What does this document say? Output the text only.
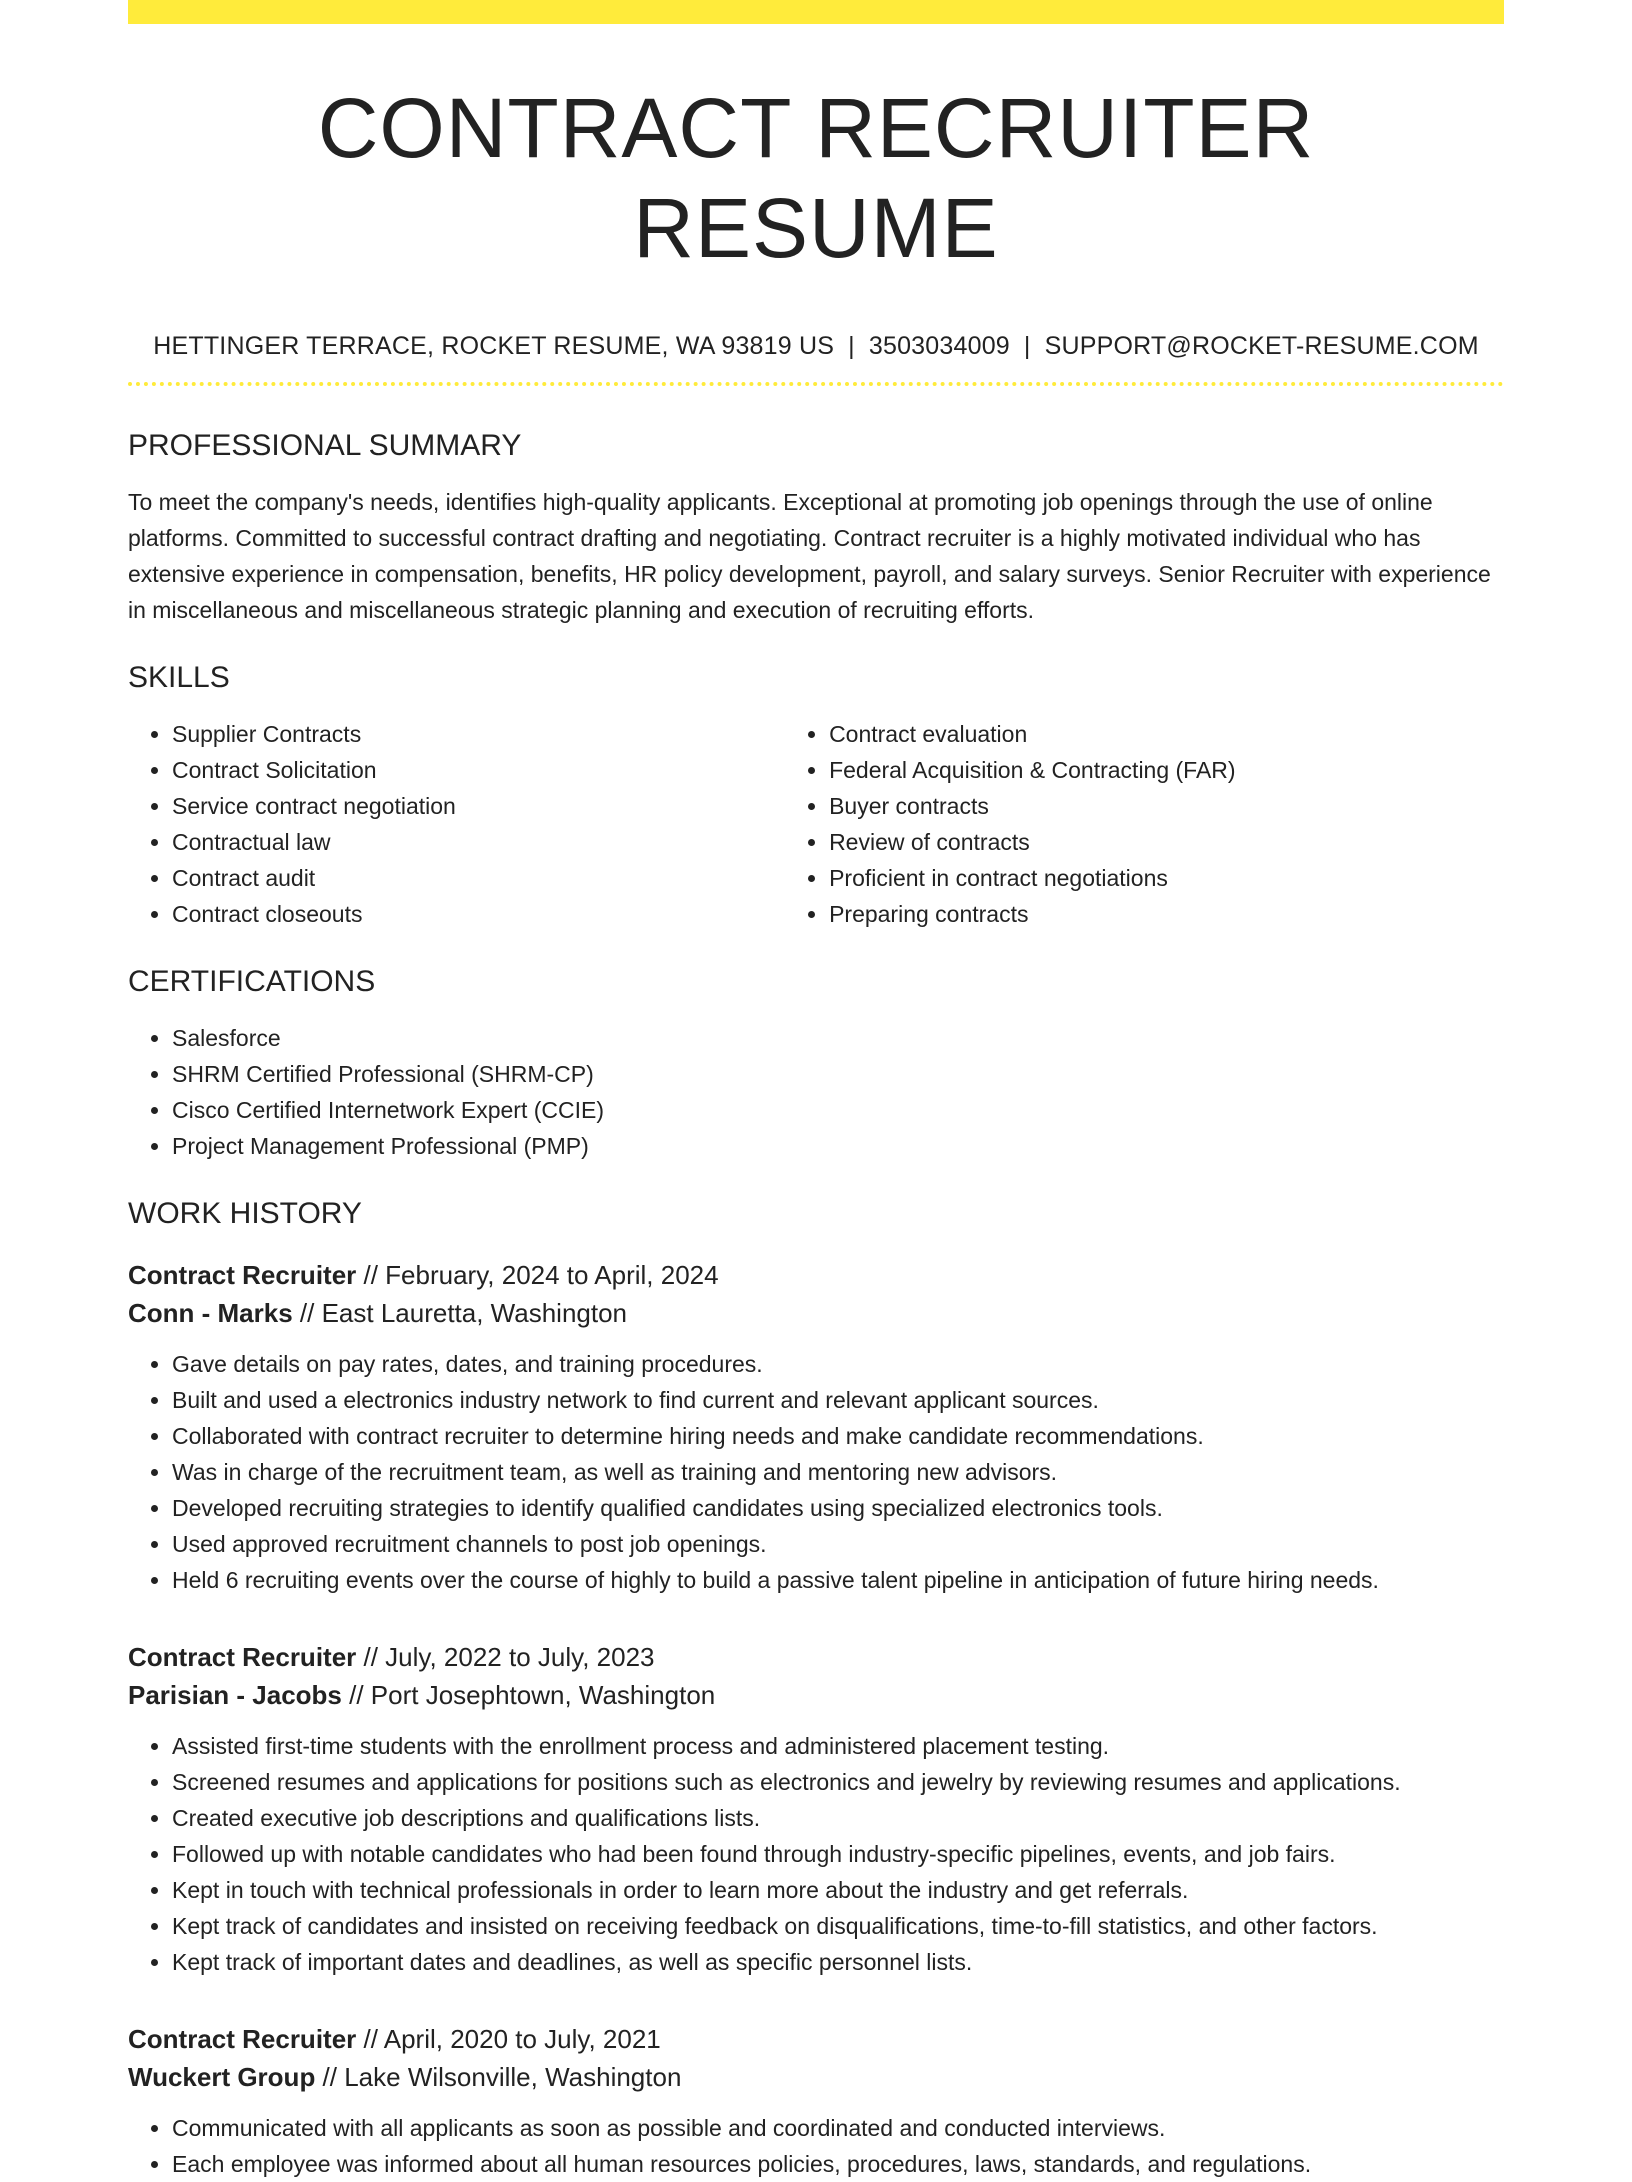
CONTRACT RECRUITER RESUME
HETTINGER TERRACE, ROCKET RESUME, WA 93819 US | 3503034009 | SUPPORT@ROCKET-RESUME.COM
PROFESSIONAL SUMMARY

To meet the company's needs, identifies high-quality applicants. Exceptional at promoting job openings through the use of online platforms. Committed to successful contract drafting and negotiating. Contract recruiter is a highly motivated individual who has extensive experience in compensation, benefits, HR policy development, payroll, and salary surveys. Senior Recruiter with experience in miscellaneous and miscellaneous strategic planning and execution of recruiting efforts.

SKILLS
• Supplier Contracts
• Contract Solicitation
• Service contract negotiation
• Contractual law
• Contract audit
• Contract closeouts
• Contract evaluation
• Federal Acquisition & Contracting (FAR)
• Buyer contracts
• Review of contracts
• Proficient in contract negotiations
• Preparing contracts
CERTIFICATIONS
• Salesforce
• SHRM Certified Professional (SHRM-CP)
• Cisco Certified Internetwork Expert (CCIE)
• Project Management Professional (PMP)
WORK HISTORY
Contract Recruiter // February, 2024 to April, 2024
Conn - Marks // East Lauretta, Washington
• Gave details on pay rates, dates, and training procedures.
• Built and used a electronics industry network to find current and relevant applicant sources.
• Collaborated with contract recruiter to determine hiring needs and make candidate recommendations.
• Was in charge of the recruitment team, as well as training and mentoring new advisors.
• Developed recruiting strategies to identify qualified candidates using specialized electronics tools.
• Used approved recruitment channels to post job openings.
• Held 6 recruiting events over the course of highly to build a passive talent pipeline in anticipation of future hiring needs.
Contract Recruiter // July, 2022 to July, 2023
Parisian - Jacobs // Port Josephtown, Washington
• Assisted first-time students with the enrollment process and administered placement testing.
• Screened resumes and applications for positions such as electronics and jewelry by reviewing resumes and applications.
• Created executive job descriptions and qualifications lists.
• Followed up with notable candidates who had been found through industry-specific pipelines, events, and job fairs.
• Kept in touch with technical professionals in order to learn more about the industry and get referrals.
• Kept track of candidates and insisted on receiving feedback on disqualifications, time-to-fill statistics, and other factors.
• Kept track of important dates and deadlines, as well as specific personnel lists.
Contract Recruiter // April, 2020 to July, 2021
Wuckert Group // Lake Wilsonville, Washington
• Communicated with all applicants as soon as possible and coordinated and conducted interviews.
• Each employee was informed about all human resources policies, procedures, laws, standards, and regulations.
